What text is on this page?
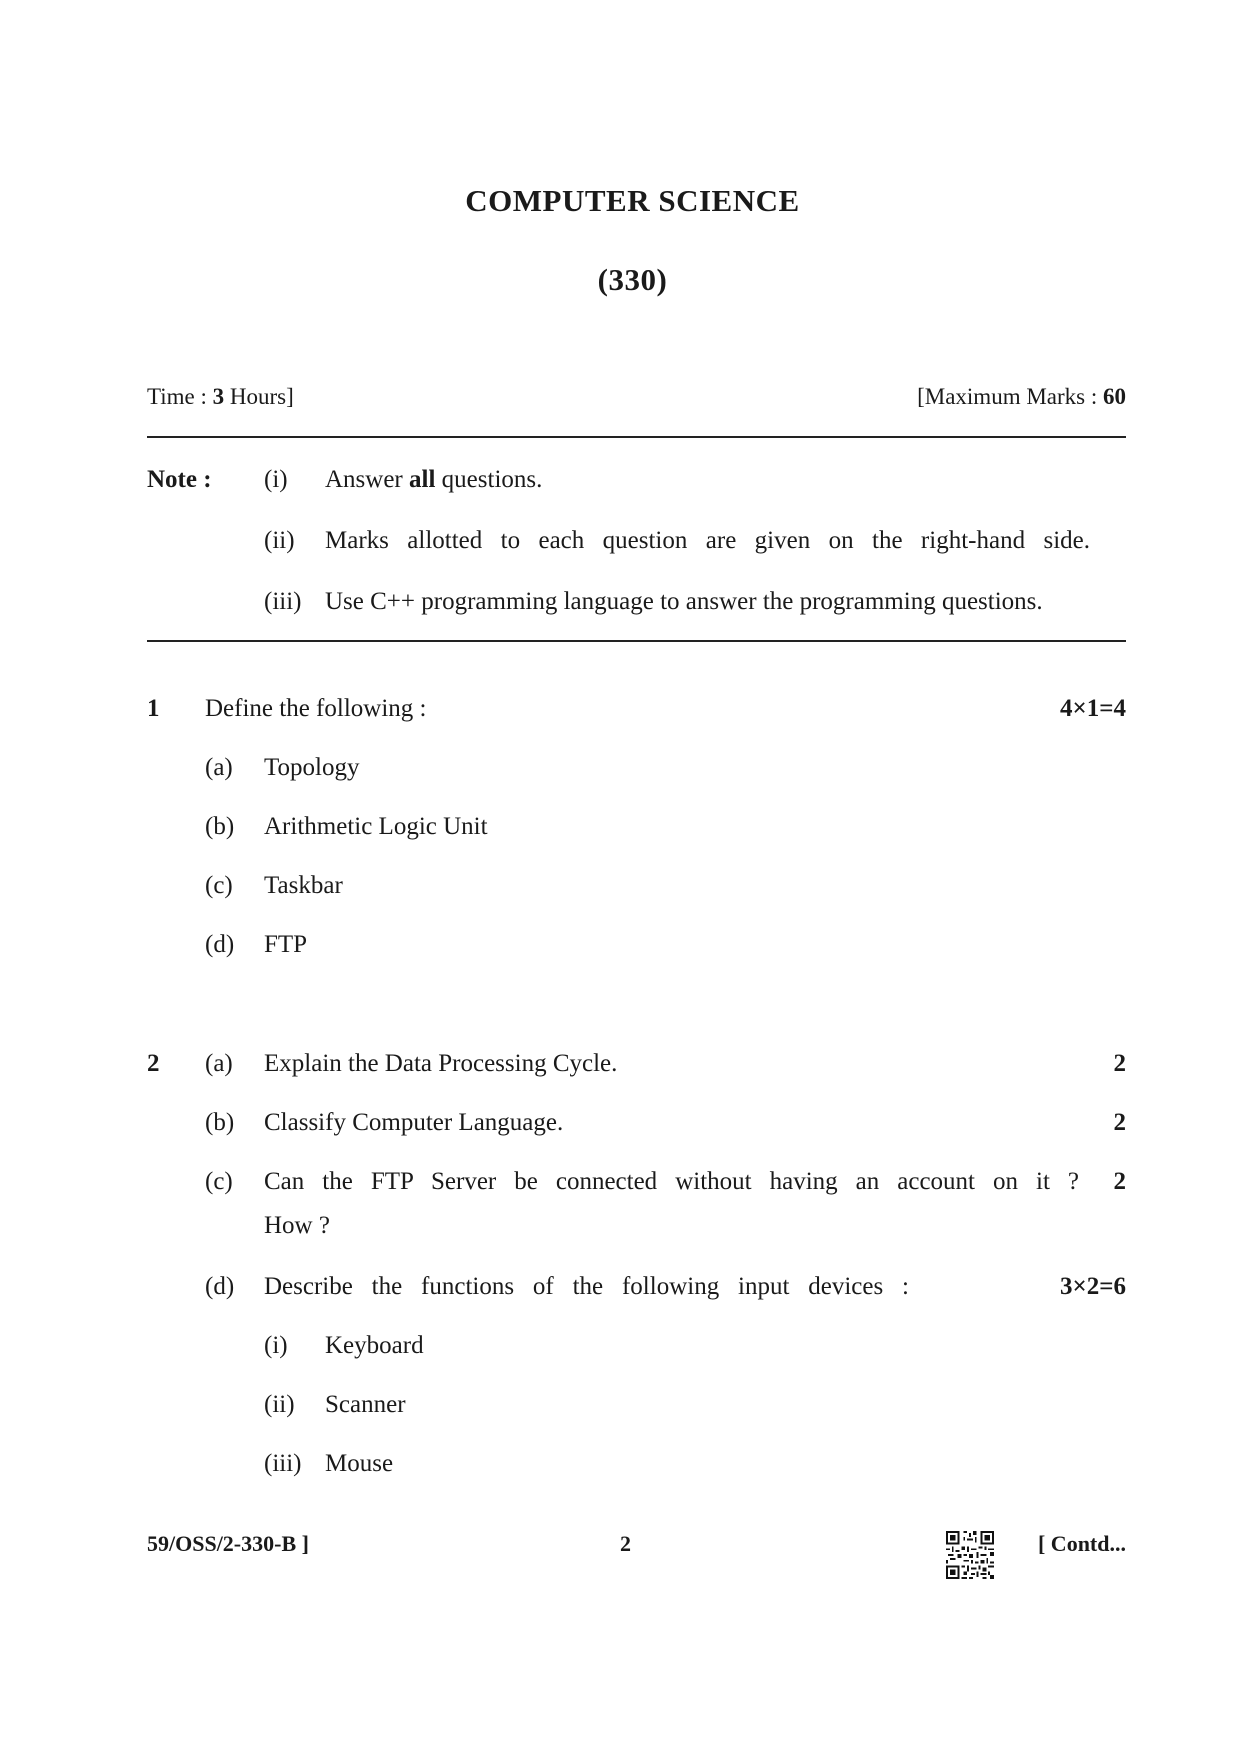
COMPUTER SCIENCE
(330)
Time : 3 Hours]	[Maximum Marks : 60
Note : (i) Answer all questions.
(ii) Marks allotted to each question are given on the right-hand side.
(iii) Use C++ programming language to answer the programming questions.
1 Define the following :	4×1=4
(a) Topology
(b) Arithmetic Logic Unit
(c) Taskbar
(d) FTP
2 (a) Explain the Data Processing Cycle.	2
(b) Classify Computer Language.	2
(c) Can the FTP Server be connected without having an account on it ?	2
How ?
(d) Describe the functions of the following input devices :	3×2=6
(i) Keyboard
(ii) Scanner
(iii) Mouse
59/OSS/2-330-B ]	2	[ Contd...
